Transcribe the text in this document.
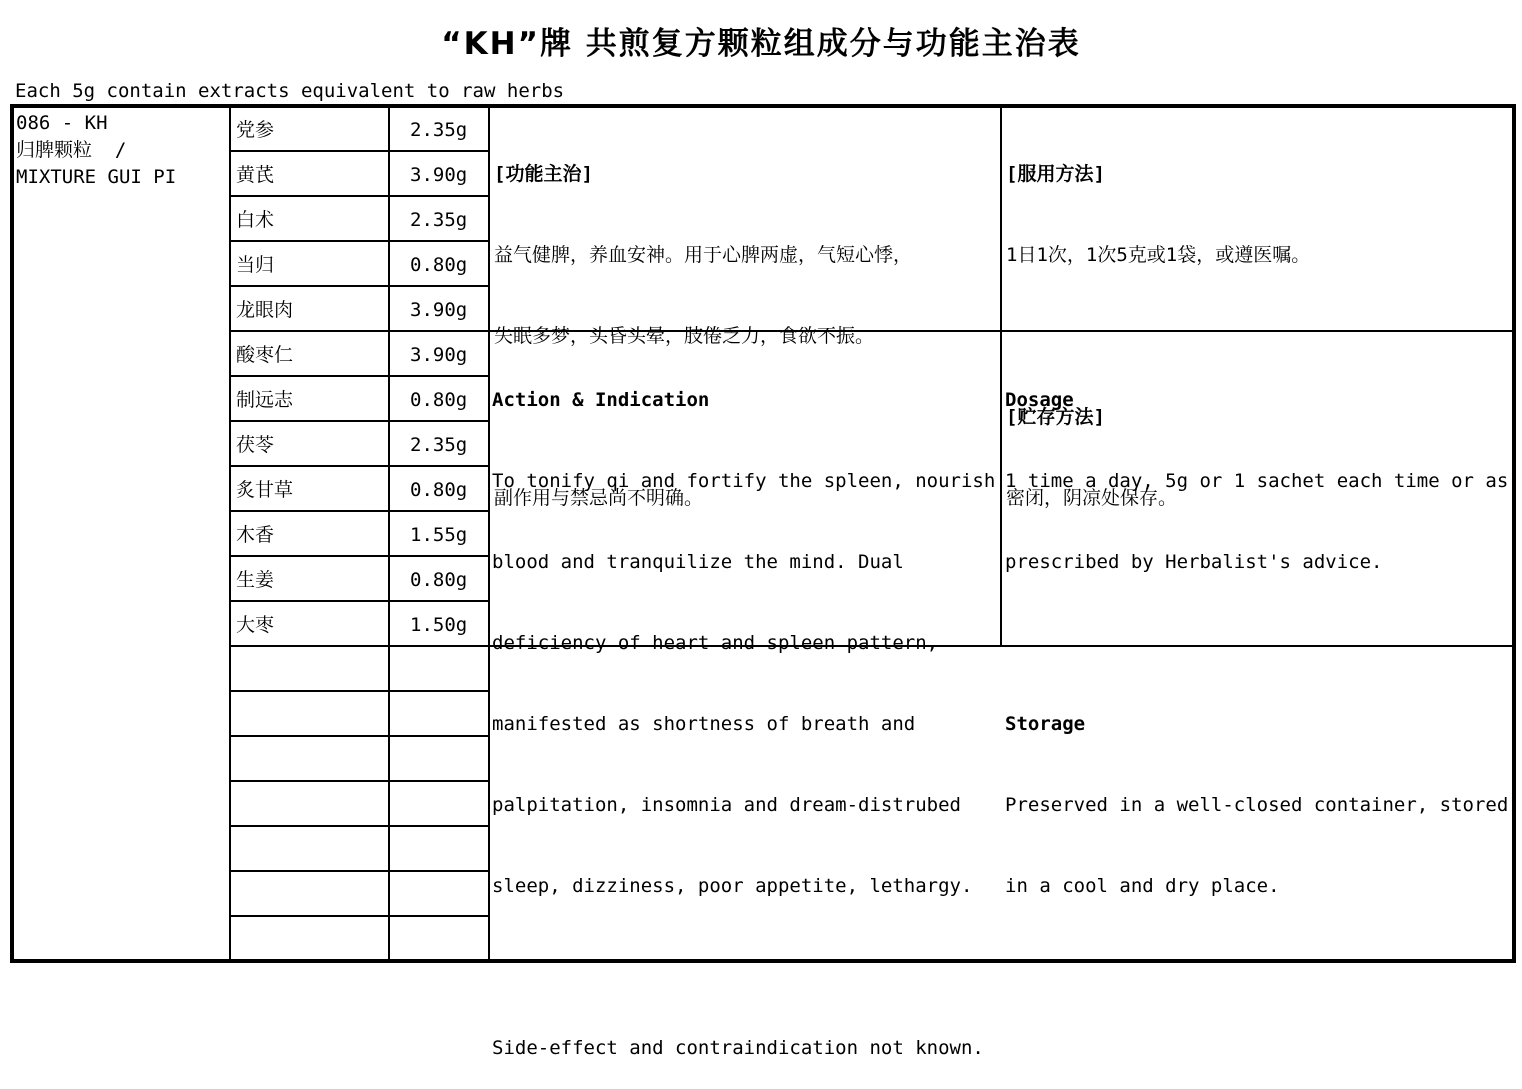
“KH”牌 共煎复方颗粒组成分与功能主治表
Each 5g contain extracts equivalent to raw herbs
086 - KH
归脾颗粒  /
MIXTURE GUI PI
党参	2.35g
黄芪	3.90g
白术	2.35g
当归	0.80g
龙眼肉	3.90g
酸枣仁	3.90g
制远志	0.80g
茯苓	2.35g
炙甘草	0.80g
木香	1.55g
生姜	0.80g
大枣	1.50g

[功能主治]

益气健脾，养血安神。用于心脾两虚，气短心悸，

失眠多梦，头昏头晕，肢倦乏力，食欲不振。

副作用与禁忌尚不明确。

[服用方法]

1日1次，1次5克或1袋，或遵医嘱。

[贮存方法]

密闭，阴凉处保存。

Action & Indication

To tonify qi and fortify the spleen, nourish

blood and tranquilize the mind. Dual

deficiency of heart and spleen pattern,

manifested as shortness of breath and

palpitation, insomnia and dream-distrubed

sleep, dizziness, poor appetite, lethargy.

Side-effect and contraindication not known.

Dosage

1 time a day, 5g or 1 sachet each time or as

prescribed by Herbalist's advice.

Storage

Preserved in a well-closed container, stored

in a cool and dry place.
